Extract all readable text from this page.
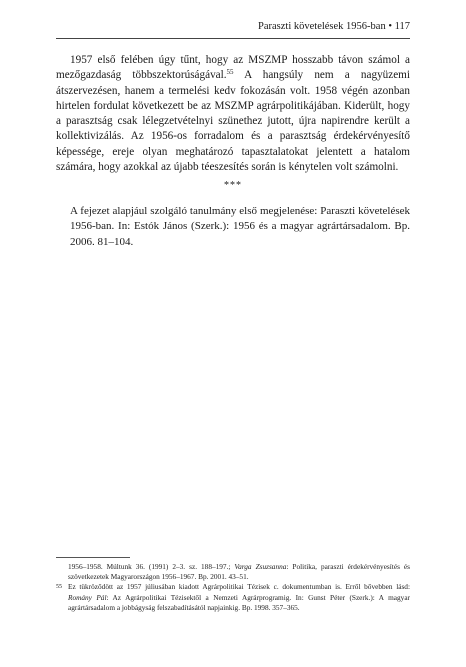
Paraszti követelések 1956-ban • 117

1957 első felében úgy tűnt, hogy az MSZMP hosszabb távon számol a mezőgazdaság többszektorúságával.$^{55}$ A hangsúly nem a nagyüzemi átszervezésen, hanem a termelési kedv fokozásán volt. 1958 végén azonban hirtelen fordulat következett be az MSZMP agrárpolitikájában. Kiderült, hogy a parasztság csak lélegzetvételnyi szünethez jutott, újra napirendre került a kollektivizálás. Az 1956-os forradalom és a parasztság érdekérvényesítő képessége, ereje olyan meghatározó tapasztalatokat jelentett a hatalom számára, hogy azokkal az újabb téeszesítés során is kénytelen volt számolni.

***
A fejezet alapjául szolgáló tanulmány első megjelenése: Paraszti követelések 1956-ban. In: Estók János (Szerk.): 1956 és a magyar agrártársadalom. Bp. 2006. 81–104.

1956–1958. Múltunk 36. (1991) 2–3. sz. 188–197.; Varga Zsuzsanna: Politika, paraszti érdekérvényesítés és szövetkezetek Magyarországon 1956–1967. Bp. 2001. 43–51.

55 Ez tükröződött az 1957 júliusában kiadott Agrárpolitikai Tézisek c. dokumentumban is. Erről bővebben lásd: Romány Pál: Az Agrárpolitikai Tézisektől a Nemzeti Agrárprogramig. In: Gunst Péter (Szerk.): A magyar agrártársadalom a jobbágyság felszabadításától napjainkig. Bp. 1998. 357–365.
